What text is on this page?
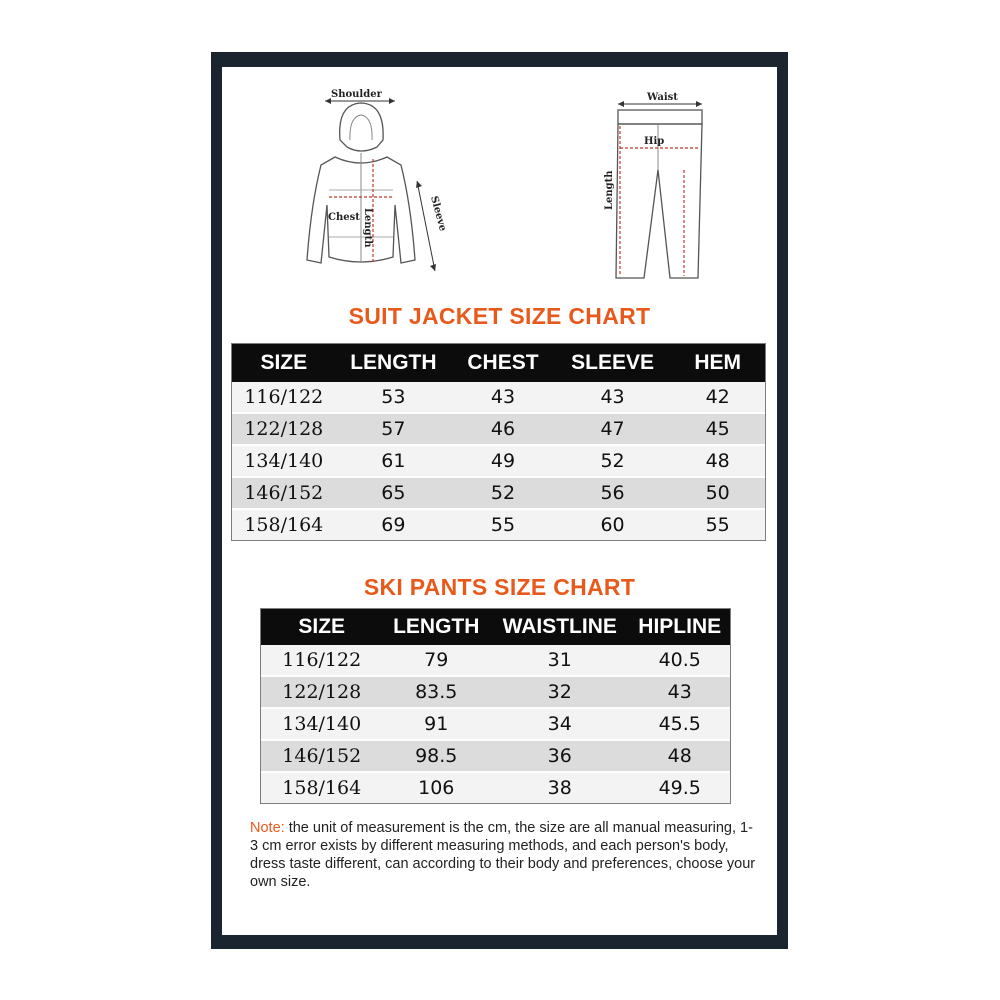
Shoulder
Chest Length	Sleeve
Waist
Hip
Length
SUIT JACKET SIZE CHART
SIZE	LENGTH	CHEST	SLEEVE	HEM
116/122	53	43	43	42
122/128	57	46	47	45
134/140	61	49	52	48
146/152	65	52	56	50
158/164	69	55	60	55
SKI PANTS SIZE CHART
SIZE	LENGTH	WAISTLINE	HIPLINE
116/122	79	31	40.5
122/128	83.5	32	43
134/140	91	34	45.5
146/152	98.5	36	48
158/164	106	38	49.5
Note: the unit of measurement is the cm, the size are all manual measuring, 1-3 cm error exists by different measuring methods, and each person's body, dress taste different, can according to their body and preferences, choose your own size.
